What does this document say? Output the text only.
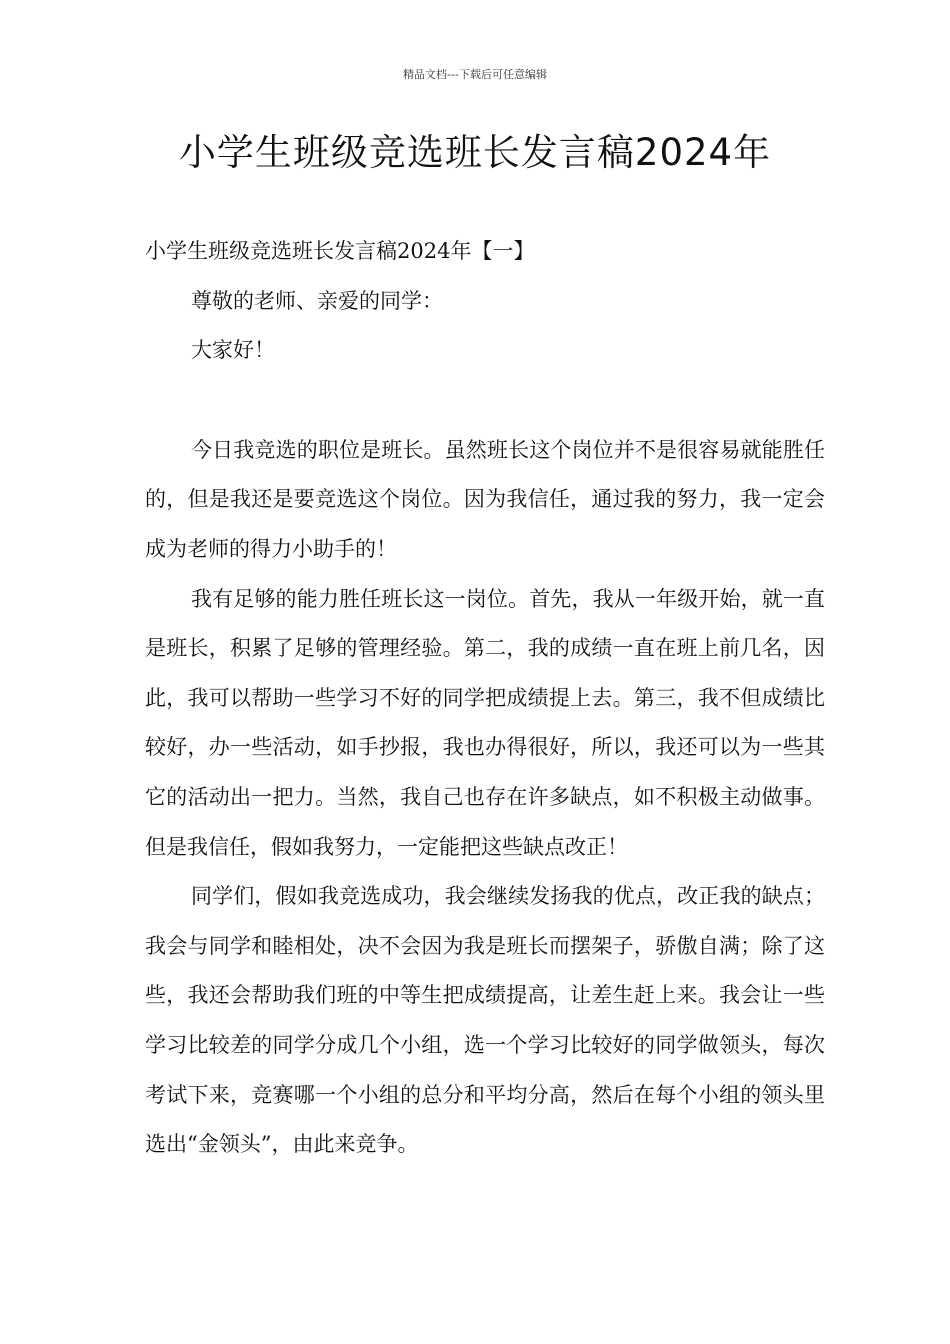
精品文档---下载后可任意编辑
小学生班级竞选班长发言稿2024年

小学生班级竞选班长发言稿2024年【一】

尊敬的老师、亲爱的同学：

大家好！

今日我竞选的职位是班长。虽然班长这个岗位并不是很容易就能胜任的，但是我还是要竞选这个岗位。因为我信任，通过我的努力，我一定会成为老师的得力小助手的！

我有足够的能力胜任班长这一岗位。首先，我从一年级开始，就一直是班长，积累了足够的管理经验。第二，我的成绩一直在班上前几名，因此，我可以帮助一些学习不好的同学把成绩提上去。第三，我不但成绩比较好，办一些活动，如手抄报，我也办得很好，所以，我还可以为一些其它的活动出一把力。当然，我自己也存在许多缺点，如不积极主动做事。但是我信任，假如我努力，一定能把这些缺点改正！

同学们，假如我竞选成功，我会继续发扬我的优点，改正我的缺点；我会与同学和睦相处，决不会因为我是班长而摆架子，骄傲自满；除了这些，我还会帮助我们班的中等生把成绩提高，让差生赶上来。我会让一些学习比较差的同学分成几个小组，选一个学习比较好的同学做领头，每次考试下来，竞赛哪一个小组的总分和平均分高，然后在每个小组的领头里选出“金领头”，由此来竞争。
